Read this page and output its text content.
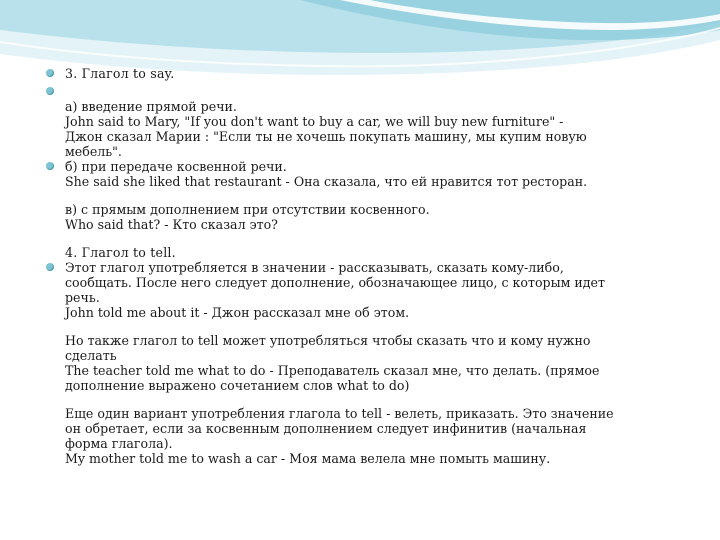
3. Глагол to say.

а) введение прямой речи.
John said to Mary, "If you don't want to buy a car, we will buy new furniture" -
Джон сказал Марии : "Если ты не хочешь покупать машину, мы купим новую
мебель".
б) при передаче косвенной речи.
She said she liked that restaurant - Она сказала, что ей нравится тот ресторан.
в) с прямым дополнением при отсутствии косвенного.
Who said that? - Кто сказал это?
4. Глагол to tell.
Этот глагол употребляется в значении - рассказывать, сказать кому-либо,
сообщать. После него следует дополнение, обозначающее лицо, с которым идет
речь.
John told me about it - Джон рассказал мне об этом.
Но также глагол to tell может употребляться чтобы сказать что и кому нужно
сделать
The teacher told me what to do - Преподаватель сказал мне, что делать. (прямое
дополнение выражено сочетанием слов what to do)
Еще один вариант употребления глагола to tell - велеть, приказать. Это значение
он обретает, если за косвенным дополнением следует инфинитив (начальная
форма глагола).
My mother told me to wash a car - Моя мама велела мне помыть машину.
